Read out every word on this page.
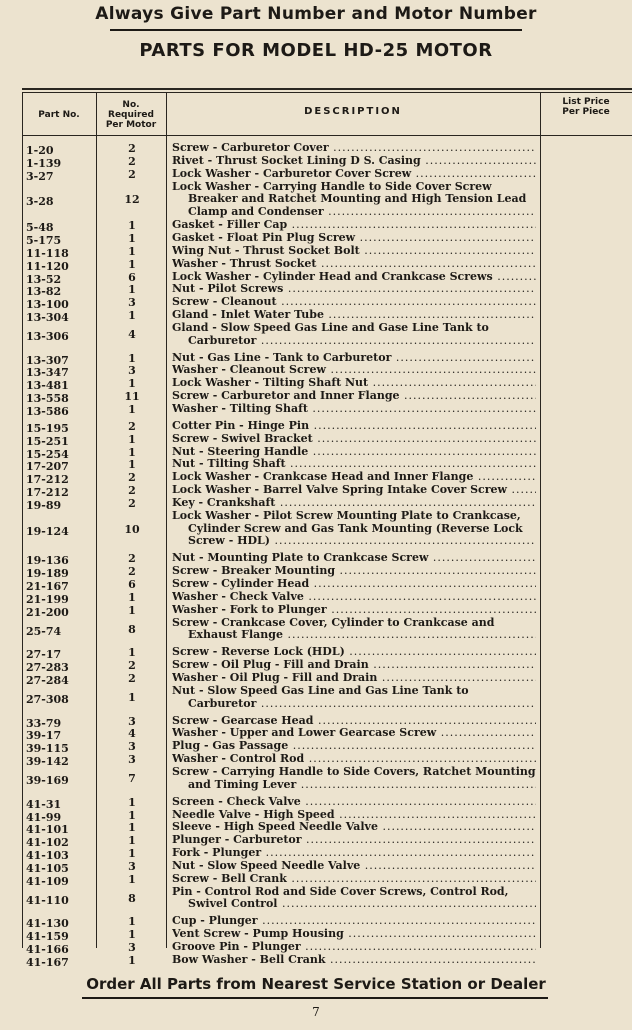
Always Give Part Number and Motor Number
PARTS FOR MODEL HD-25 MOTOR
Part No.
No. Required
Per Motor
DESCRIPTION
List Price
Per Piece
1-20	2	Screw - Carburetor Cover .....
1-139	2	Rivet - Thrust Socket Lining D S. Casing .....
3-27	2	Lock Washer - Carburetor Cover Screw .....
3-28	12
Lock Washer - Carrying Handle to Side Cover Screw
Breaker and Ratchet Mounting and High Tension Lead
Clamp and Condenser .....
5-48	1	Gasket - Filler Cap .....
5-175	1	Gasket - Float Pin Plug Screw .....
11-118	1	Wing Nut - Thrust Socket Bolt .....
11-120	1	Washer - Thrust Socket .....
13-52	6	Lock Washer - Cylinder Head and Crankcase Screws .....
13-82	1	Nut - Pilot Screws .....
13-100	3	Screw - Cleanout .....
13-304	1	Gland - Inlet Water Tube .....
13-306	4
Gland - Slow Speed Gas Line and Gase Line Tank to
Carburetor .....
13-307	1	Nut - Gas Line - Tank to Carburetor .....
13-347	3	Washer - Cleanout Screw .....
13-481	1	Lock Washer - Tilting Shaft Nut .....
13-558	11	Screw - Carburetor and Inner Flange .....
13-586	1	Washer - Tilting Shaft .....
15-195	2	Cotter Pin - Hinge Pin .....
15-251	1	Screw - Swivel Bracket .....
15-254	1	Nut - Steering Handle .....
17-207	1	Nut - Tilting Shaft .....
17-212	2	Lock Washer - Crankcase Head and Inner Flange .....
17-212	2	Lock Washer - Barrel Valve Spring Intake Cover Screw .....
19-89	2	Key - Crankshaft .....
19-124	10
Lock Washer - Pilot Screw Mounting Plate to Crankcase,
Cylinder Screw and Gas Tank Mounting (Reverse Lock
Screw - HDL) .....
19-136	2	Nut - Mounting Plate to Crankcase Screw .....
19-189	2	Screw - Breaker Mounting .....
21-167	6	Screw - Cylinder Head .....
21-199	1	Washer - Check Valve .....
21-200	1	Washer - Fork to Plunger .....
25-74	8
Screw - Crankcase Cover, Cylinder to Crankcase and
Exhaust Flange .....
27-17	1	Screw - Reverse Lock (HDL) .....
27-283	2	Screw - Oil Plug - Fill and Drain .....
27-284	2	Washer - Oil Plug - Fill and Drain .....
27-308	1
Nut - Slow Speed Gas Line and Gas Line Tank to
Carburetor .....
33-79	3	Screw - Gearcase Head .....
39-17	4	Washer - Upper and Lower Gearcase Screw .....
39-115	3	Plug - Gas Passage .....
39-142	3	Washer - Control Rod .....
39-169	7
Screw - Carrying Handle to Side Covers, Ratchet Mounting
and Timing Lever .....
41-31	1	Screen - Check Valve .....
41-99	1	Needle Valve - High Speed .....
41-101	1	Sleeve - High Speed Needle Valve .....
41-102	1	Plunger - Carburetor .....
41-103	1	Fork - Plunger .....
41-105	3	Nut - Slow Speed Needle Valve .....
41-109	1	Screw - Bell Crank .....
41-110	8
Pin - Control Rod and Side Cover Screws, Control Rod,
Swivel Control .....
41-130	1	Cup - Plunger .....
41-159	1	Vent Screw - Pump Housing .....
41-166	3	Groove Pin - Plunger .....
41-167	1	Bow Washer - Bell Crank .....
Order All Parts from Nearest Service Station or Dealer
7
